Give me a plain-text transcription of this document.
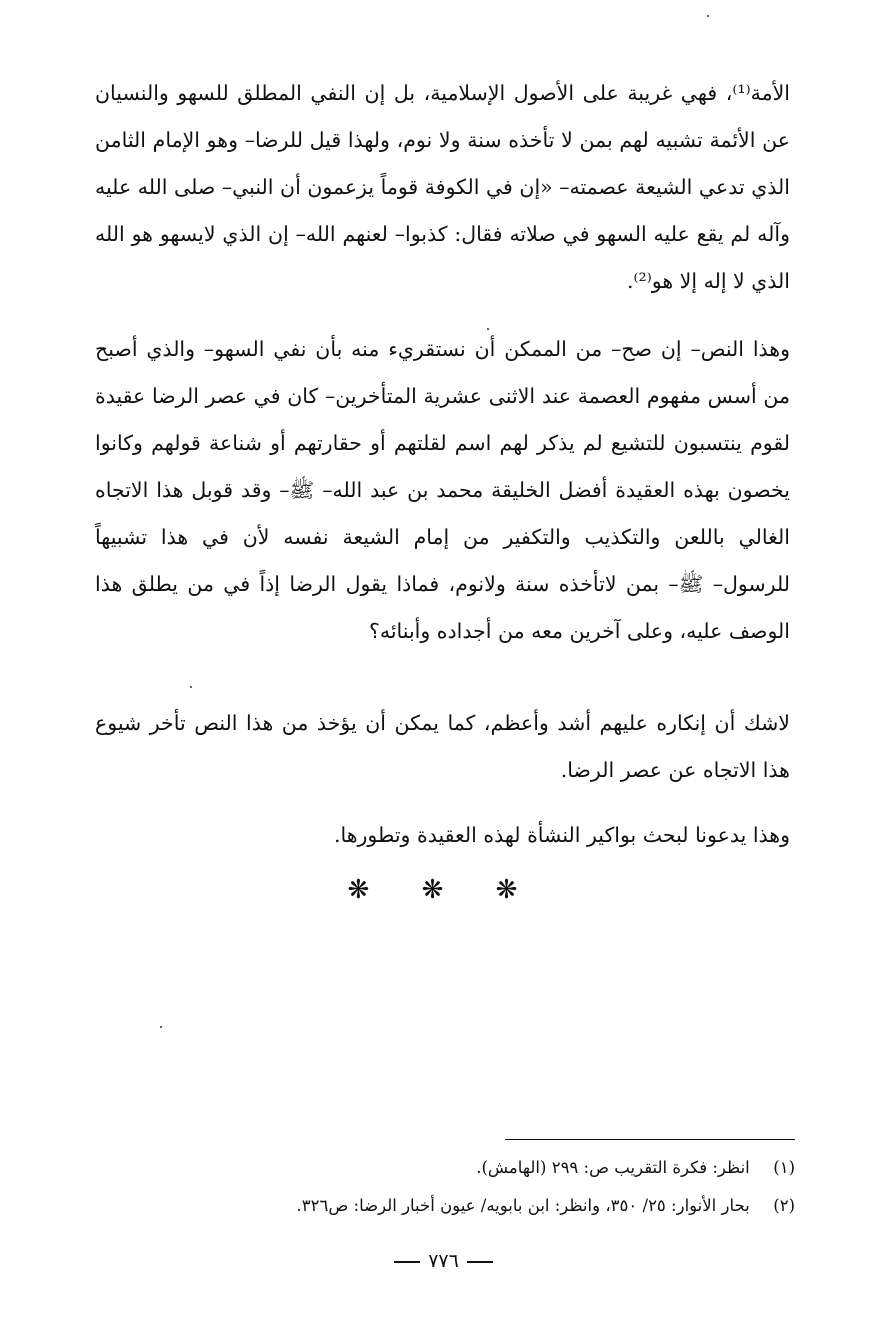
الأمة⁽¹⁾، فهي غريبة على الأصول الإسلامية، بل إن النفي المطلق للسهو والنسيان عن الأئمة تشبيه لهم بمن لا تأخذه سنة ولا نوم، ولهذا قيل للرضا– وهو الإمام الثامن الذي تدعي الشيعة عصمته– «إن في الكوفة قوماً يزعمون أن النبي– صلى الله عليه وآله لم يقع عليه السهو في صلاته فقال: كذبوا– لعنهم الله– إن الذي لايسهو هو الله الذي لا إله إلا هو⁽²⁾.

وهذا النص– إن صح– من الممكن أن نستقريء منه بأن نفي السهو– والذي أصبح من أسس مفهوم العصمة عند الاثنى عشرية المتأخرين– كان في عصر الرضا عقيدة لقوم ينتسبون للتشيع لم يذكر لهم اسم لقلتهم أو حقارتهم أو شناعة قولهم وكانوا يخصون بهذه العقيدة أفضل الخليقة محمد بن عبد الله– ﷺ– وقد قوبل هذا الاتجاه الغالي باللعن والتكذيب والتكفير من إمام الشيعة نفسه لأن في هذا تشبيهاً للرسول– ﷺ– بمن لاتأخذه سنة ولانوم، فماذا يقول الرضا إذاً في من يطلق هذا الوصف عليه، وعلى آخرين معه من أجداده وأبنائه؟

لاشك أن إنكاره عليهم أشد وأعظم، كما يمكن أن يؤخذ من هذا النص تأخر شيوع هذا الاتجاه عن عصر الرضا.

وهذا يدعونا لبحث بواكير النشأة لهذه العقيدة وتطورها.

❋ ❋ ❋

(١) انظر: فكرة التقريب ص: ٢٩٩ (الهامش).

(٢) بحار الأنوار: ٢٥/ ٣٥٠، وانظر: ابن بابويه/ عيون أخبار الرضا: ص٣٢٦.

٧٧٦
